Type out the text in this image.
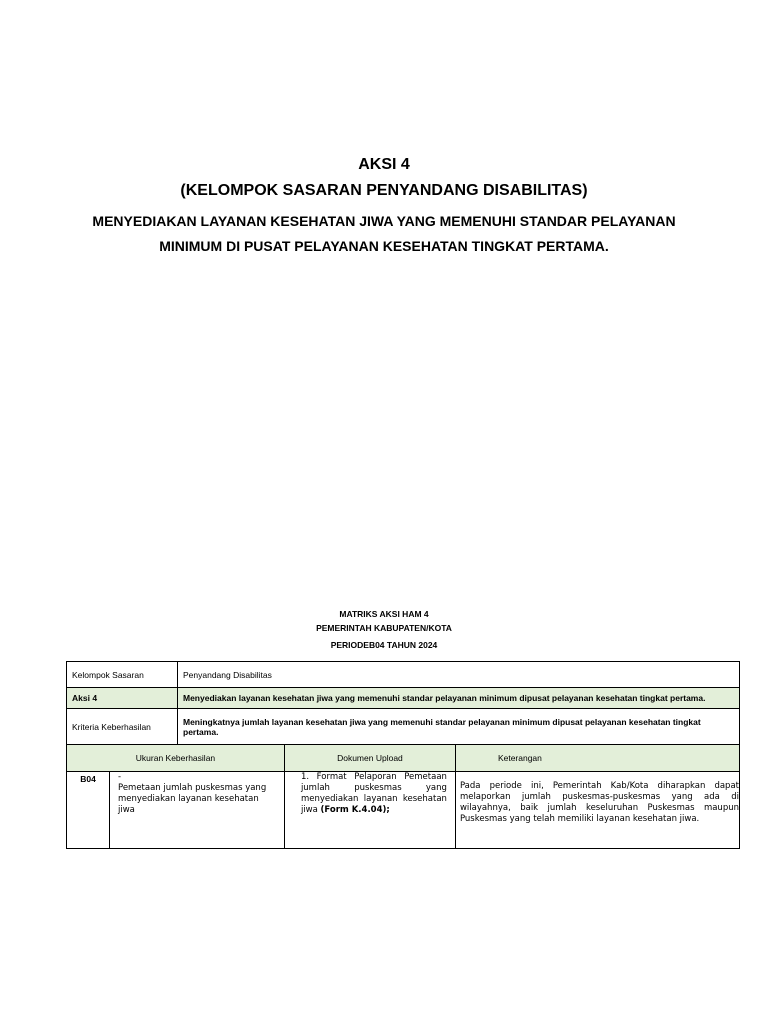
AKSI 4
(KELOMPOK SASARAN PENYANDANG DISABILITAS)
MENYEDIAKAN LAYANAN KESEHATAN JIWA YANG MEMENUHI STANDAR PELAYANAN MINIMUM DI PUSAT PELAYANAN KESEHATAN TINGKAT PERTAMA.
MATRIKS AKSI HAM 4
PEMERINTAH KABUPATEN/KOTA
PERIODEB04 TAHUN 2024
Kelompok Sasaran	Penyandang Disabilitas
Aksi 4	Menyediakan layanan kesehatan jiwa yang memenuhi standar pelayanan minimum dipusat pelayanan kesehatan tingkat pertama.
Kriteria Keberhasilan	Meningkatnya jumlah layanan kesehatan jiwa yang memenuhi standar pelayanan minimum dipusat pelayanan kesehatan tingkat pertama.
Ukuran Keberhasilan		Dokumen Upload	Keterangan
B04	-Pemetaan jumlah puskesmas yang menyediakan layanan kesehatan jiwa	1. Format Pelaporan Pemetaan jumlah puskesmas yang menyediakan layanan kesehatan jiwa (Form K.4.04);	Pada periode ini, Pemerintah Kab/Kota diharapkan dapat melaporkan jumlah puskesmas-puskesmas yang ada di wilayahnya, baik jumlah keseluruhan Puskesmas maupun Puskesmas yang telah memiliki layanan kesehatan jiwa.
